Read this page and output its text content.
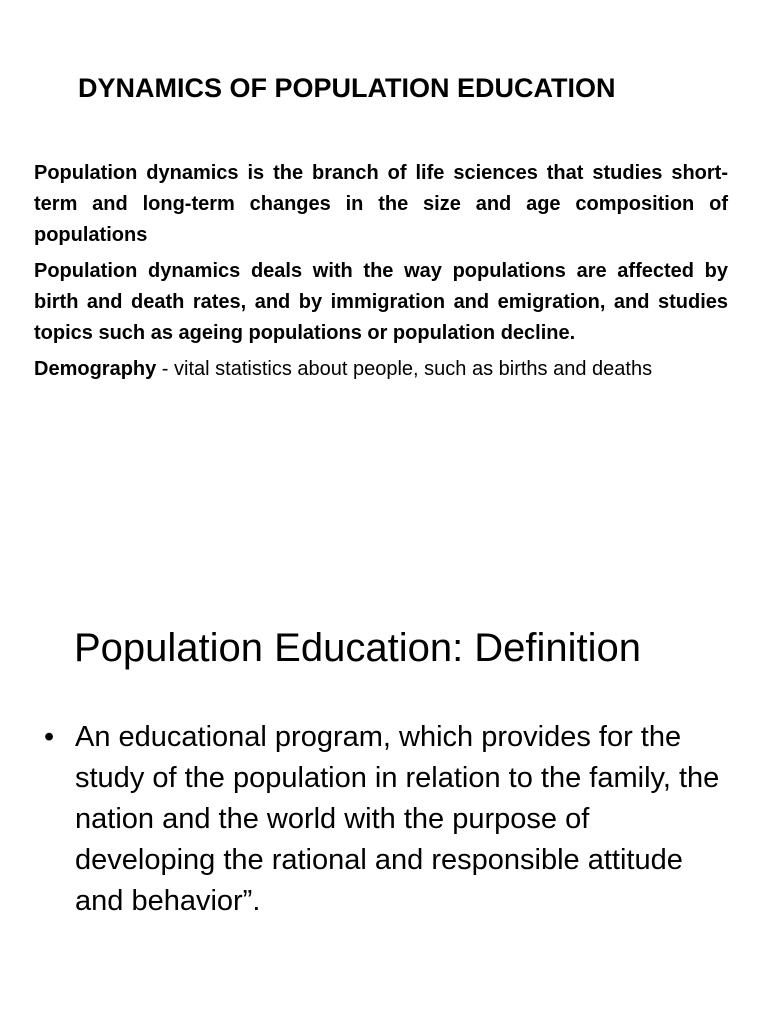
DYNAMICS OF POPULATION EDUCATION

Population dynamics is the branch of life sciences that studies short-term and long-term changes in the size and age composition of populations

Population dynamics deals with the way populations are affected by birth and death rates, and by immigration and emigration, and studies topics such as ageing populations or population decline.

Demography - vital statistics about people, such as births and deaths

Population Education: Definition
• An educational program, which provides for the study of the population in relation to the family, the nation and the world with the purpose of developing the rational and responsible attitude and behavior”.
